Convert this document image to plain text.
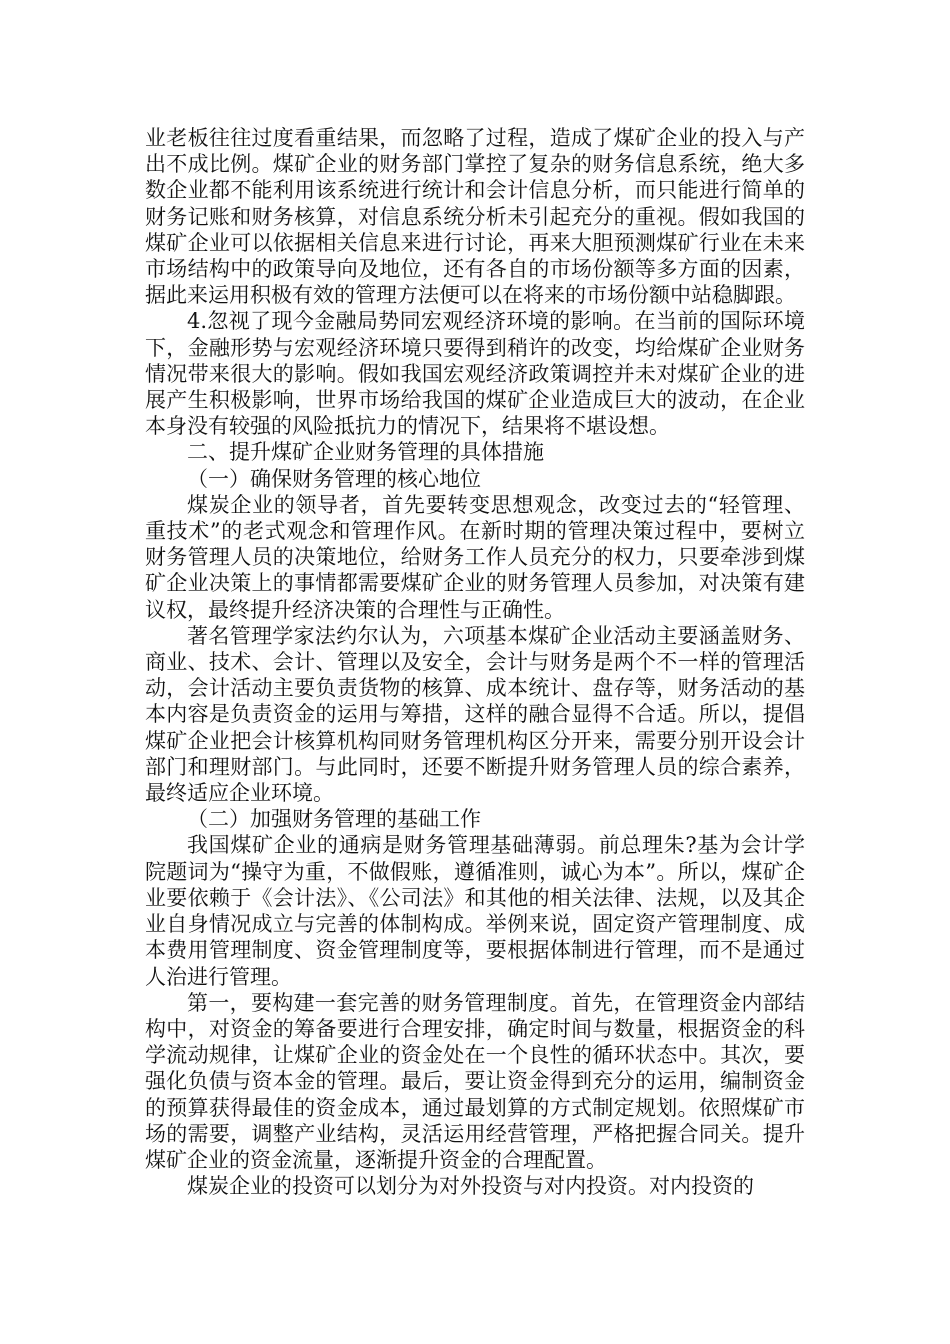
业老板往往过度看重结果，而忽略了过程，造成了煤矿企业的投入与产出不成比例。煤矿企业的财务部门掌控了复杂的财务信息系统，绝大多数企业都不能利用该系统进行统计和会计信息分析，而只能进行简单的财务记账和财务核算，对信息系统分析未引起充分的重视。假如我国的煤矿企业可以依据相关信息来进行讨论，再来大胆预测煤矿行业在未来市场结构中的政策导向及地位，还有各自的市场份额等多方面的因素，据此来运用积极有效的管理方法便可以在将来的市场份额中站稳脚跟。

4.忽视了现今金融局势同宏观经济环境的影响。在当前的国际环境下，金融形势与宏观经济环境只要得到稍许的改变，均给煤矿企业财务情况带来很大的影响。假如我国宏观经济政策调控并未对煤矿企业的进展产生积极影响，世界市场给我国的煤矿企业造成巨大的波动，在企业本身没有较强的风险抵抗力的情况下，结果将不堪设想。

二、提升煤矿企业财务管理的具体措施

（一）确保财务管理的核心地位

煤炭企业的领导者，首先要转变思想观念，改变过去的“轻管理、重技术”的老式观念和管理作风。在新时期的管理决策过程中，要树立财务管理人员的决策地位，给财务工作人员充分的权力，只要牵涉到煤矿企业决策上的事情都需要煤矿企业的财务管理人员参加，对决策有建议权，最终提升经济决策的合理性与正确性。

著名管理学家法约尔认为，六项基本煤矿企业活动主要涵盖财务、商业、技术、会计、管理以及安全，会计与财务是两个不一样的管理活动，会计活动主要负责货物的核算、成本统计、盘存等，财务活动的基本内容是负责资金的运用与筹措，这样的融合显得不合适。所以，提倡煤矿企业把会计核算机构同财务管理机构区分开来，需要分别开设会计部门和理财部门。与此同时，还要不断提升财务管理人员的综合素养，最终适应企业环境。

（二）加强财务管理的基础工作

我国煤矿企业的通病是财务管理基础薄弱。前总理朱?基为会计学院题词为“操守为重，不做假账，遵循准则，诚心为本”。所以，煤矿企业要依赖于《会计法》、《公司法》和其他的相关法律、法规，以及其企业自身情况成立与完善的体制构成。举例来说，固定资产管理制度、成本费用管理制度、资金管理制度等，要根据体制进行管理，而不是通过人治进行管理。

第一，要构建一套完善的财务管理制度。首先，在管理资金内部结构中，对资金的筹备要进行合理安排，确定时间与数量，根据资金的科学流动规律，让煤矿企业的资金处在一个良性的循环状态中。其次，要强化负债与资本金的管理。最后，要让资金得到充分的运用，编制资金的预算获得最佳的资金成本，通过最划算的方式制定规划。依照煤矿市场的需要，调整产业结构，灵活运用经营管理，严格把握合同关。提升煤矿企业的资金流量，逐渐提升资金的合理配置。

煤炭企业的投资可以划分为对外投资与对内投资。对内投资的
